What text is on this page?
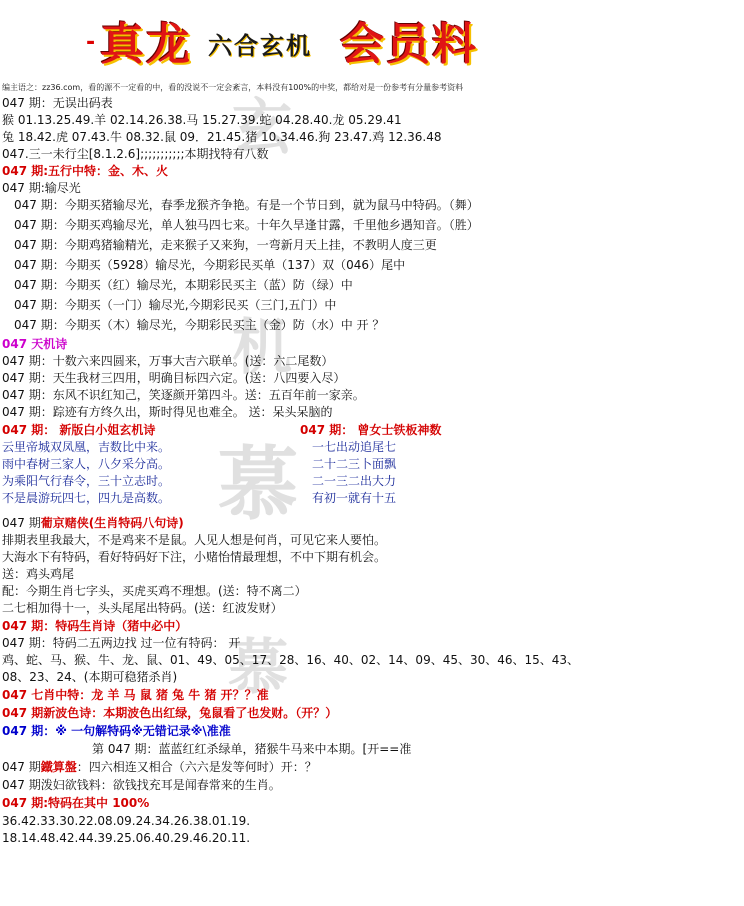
- 真龙 六合玄机 会员料
玄
机
慕
慕
编主语之：zz36.com，看的源不一定看的中，看的没说不一定会紊言，本料没有100%的中奖，都给对是一份参考有分量参考资料
047 期：无误出码表
猴 01.13.25.49.羊 02.14.26.38.马 15.27.39.蛇 04.28.40.龙 05.29.41
兔 18.42.虎 07.43.牛 08.32.鼠 09．21.45.猪 10.34.46.狗 23.47.鸡 12.36.48
047.三一未行尘[8.1.2.6];;;;;;;;;;;本期找特有八数
047 期:五行中特：金、木、火
047 期:输尽光
047 期：今期买猪输尽光，春季龙猴齐争艳。有是一个节日到，就为鼠马中特码。（舞）
047 期：今期买鸡输尽光，单人独马四七来。十年久旱逢甘露，千里他乡遇知音。（胜）
047 期：今期鸡猪输精光，走来猴子又来狗，一弯新月天上挂，不教明人度三更
047 期：今期买（5928）输尽光，今期彩民买单（137）双（046）尾中
047 期：今期买（红）输尽光，本期彩民买主（蓝）防（绿）中
047 期：今期买（一门）输尽光,今期彩民买（三门,五门）中
047 期：今期买（木）输尽光，今期彩民买主（金）防（水）中 开 ？
047 天机诗
047 期：十数六来四圆来，万事大吉六联单。(送：六二尾数）
047 期：天生我材三四用，明确目标四六定。(送：八四要入尽）
047 期：东风不识红知己，笑逐颜开第四斗。送：五百年前一家亲。
047 期：踪迹有方终久出，斯时得见也难全。 送：呆头呆脑的
047 期： 新版白小姐玄机诗	047 期： 曾女士铁板神数
云里帝城双凤凰，吉数比中来。
雨中春树三家人，八夕采分高。
为乘阳气行春令，三十立志时。
不是晨游玩四七，四九是高数。
一七出动追尾七
二十二三卜面飘
二一三二出大力
有初一就有十五
047 期葡京赌侠(生肖特码八句诗)
排期表里我最大，不是鸡来不是鼠。人见人想是何肖，可见它来人要怕。
大海水下有特码，看好特码好下注，小赌怡情最理想，不中下期有机会。
送：鸡头鸡尾
配：今期生肖七字头，买虎买鸡不理想。(送：特不离二）
二七相加得十一，头头尾尾出特码。(送：红波发财）
047 期：特码生肖诗（猪中必中）
047 期：特码二五两边找 过一位有特码： 开
鸡、蛇、马、猴、牛、龙、鼠、01、49、05、17、28、16、40、02、14、09、45、30、46、15、43、
08、23、24、(本期可稳猪杀肖)
047 七肖中特：龙 羊 马 鼠 猪 兔 牛 猪 开？？准
047 期新波色诗：本期波色出红绿，兔鼠看了也发财。（开？）
047 期：※ 一句解特码※无错记录※\准准
第 047 期：蓝蓝红红杀绿单，猪猴牛马来中本期。[开==准
047 期鐵算盤：四六相连又相合（六六是发等何时）开：？
047 期泼妇欲钱料：欲钱找充耳是闻春常来的生肖。
047 期:特码在其中 100%
36.42.33.30.22.08.09.24.34.26.38.01.19.
18.14.48.42.44.39.25.06.40.29.46.20.11.
